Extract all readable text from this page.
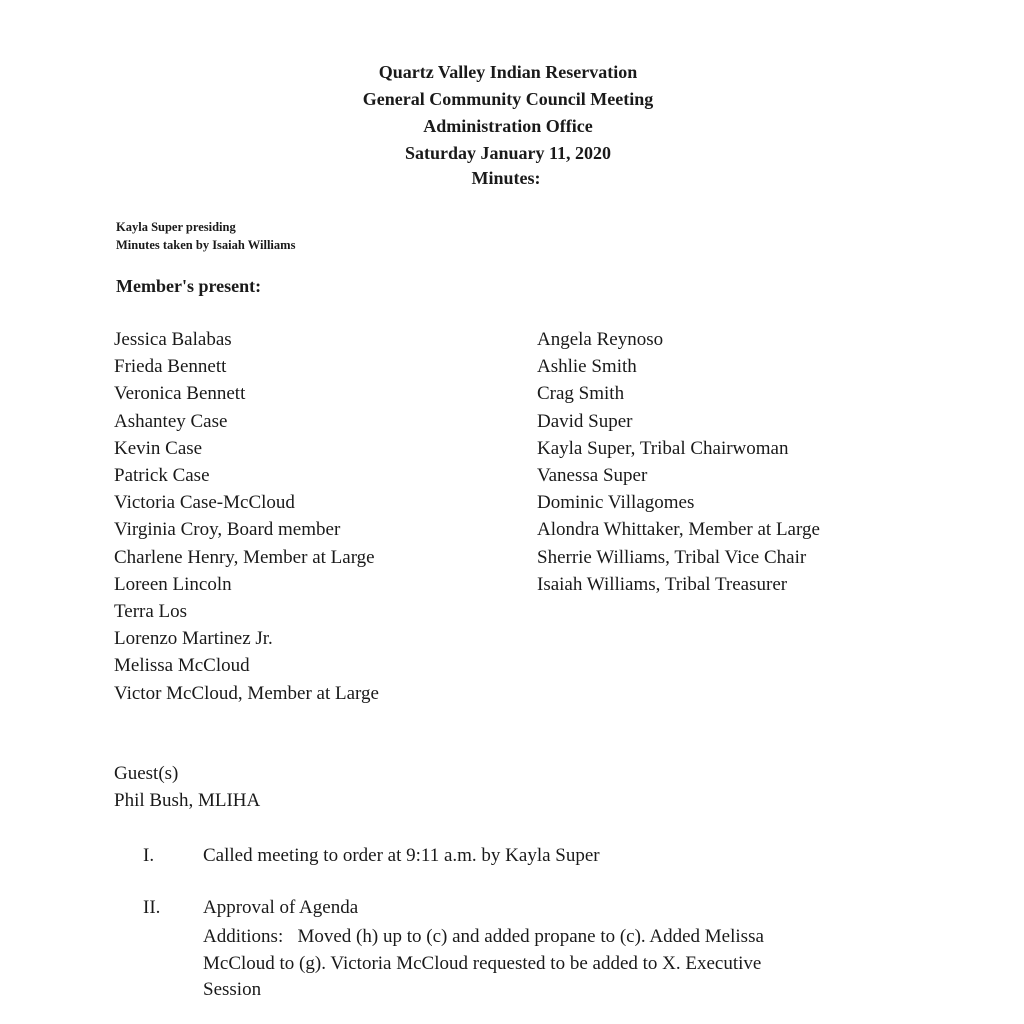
Quartz Valley Indian Reservation
General Community Council Meeting
Administration Office
Saturday January 11, 2020
Minutes:
Kayla Super presiding
Minutes taken by Isaiah Williams
Member's present:
Jessica Balabas
Frieda Bennett
Veronica Bennett
Ashantey Case
Kevin Case
Patrick Case
Victoria Case-McCloud
Virginia Croy, Board member
Charlene Henry, Member at Large
Loreen Lincoln
Terra Los
Lorenzo Martinez Jr.
Melissa McCloud
Victor McCloud, Member at Large
Angela Reynoso
Ashlie Smith
Crag Smith
David Super
Kayla Super, Tribal Chairwoman
Vanessa Super
Dominic Villagomes
Alondra Whittaker, Member at Large
Sherrie Williams, Tribal Vice Chair
Isaiah Williams, Tribal Treasurer
Guest(s)
Phil Bush, MLIHA
I.	Called meeting to order at 9:11 a.m. by Kayla Super
II. Approval of Agenda
Additions:   Moved (h) up to (c) and added propane to (c). Added Melissa
McCloud to (g). Victoria McCloud requested to be added to X. Executive
Session
